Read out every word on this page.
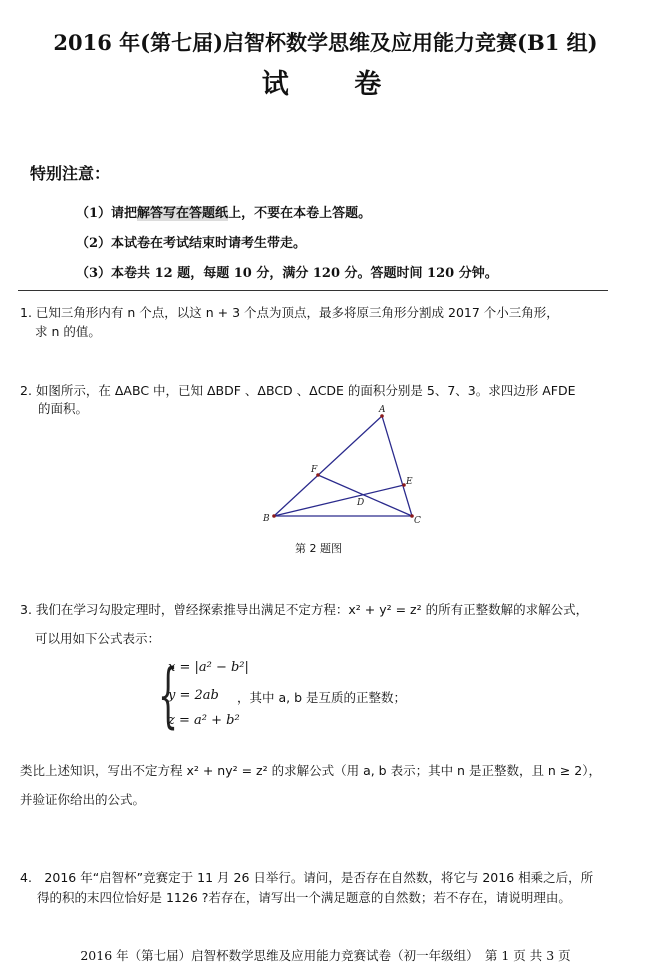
2016 年(第七届)启智杯数学思维及应用能力竞赛(B1 组)
试 卷
特别注意：
（1）请把解答写在答题纸上，不要在本卷上答题。
（2）本试卷在考试结束时请考生带走。
（3）本卷共 12 题，每题 10 分，满分 120 分。答题时间 120 分钟。
1. 已知三角形内有 n 个点，以这 n + 3 个点为顶点，最多将原三角形分割成 2017 个小三角形，
求 n 的值。
2. 如图所示，在 ΔABC 中，已知 ΔBDF 、ΔBCD 、ΔCDE 的面积分别是 5、7、3。求四边形 AFDE
的面积。	A
B	C
D
E
F
第 2 题图
3. 我们在学习勾股定理时，曾经探索推导出满足不定方程：x² + y² = z² 的所有正整数解的求解公式，
可以用如下公式表示：
{
x = |a² − b²|
y = 2ab
z = a² + b²
，其中 a, b 是互质的正整数；
类比上述知识，写出不定方程 x² + ny² = z² 的求解公式（用 a, b 表示；其中 n 是正整数，且 n ≥ 2），
并验证你给出的公式。
4.　2016 年“启智杯”竞赛定于 11 月 26 日举行。请问，是否存在自然数，将它与 2016 相乘之后，所
得的积的末四位恰好是 1126 ?若存在，请写出一个满足题意的自然数；若不存在，请说明理由。
2016 年（第七届）启智杯数学思维及应用能力竞赛试卷（初一年级组）　第 1 页 共 3 页
